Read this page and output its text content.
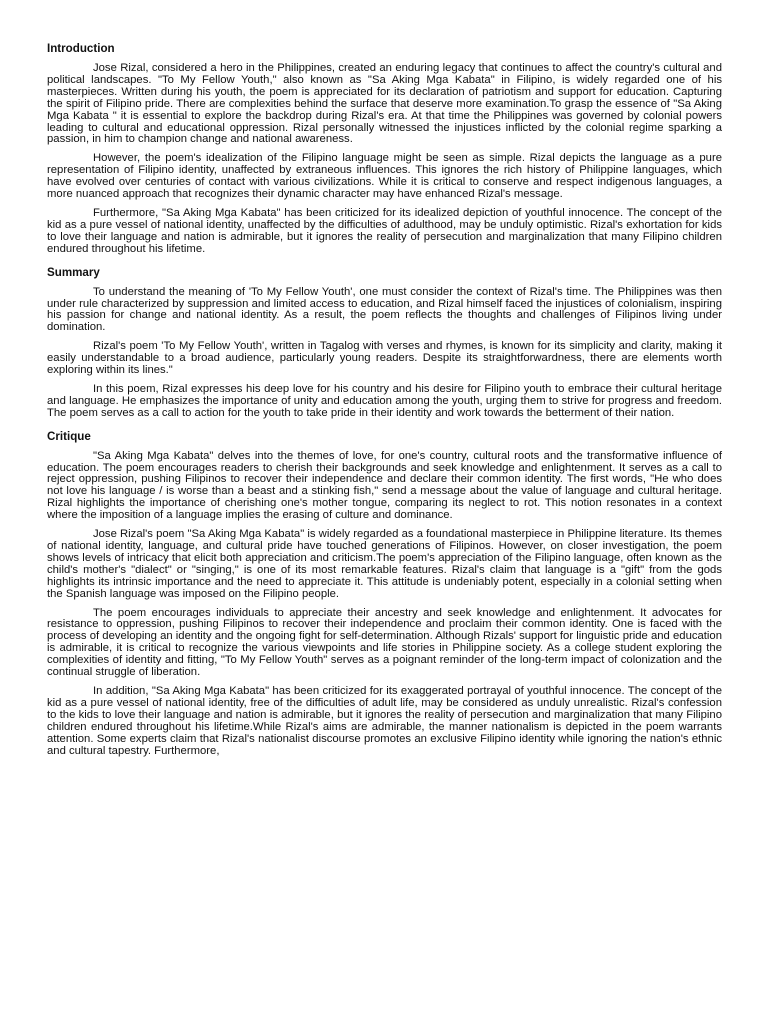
Introduction

Jose Rizal, considered a hero in the Philippines, created an enduring legacy that continues to affect the country's cultural and political landscapes. "To My Fellow Youth," also known as "Sa Aking Mga Kabata" in Filipino, is widely regarded one of his masterpieces. Written during his youth, the poem is appreciated for its declaration of patriotism and support for education. Capturing the spirit of Filipino pride. There are complexities behind the surface that deserve more examination.To grasp the essence of "Sa Aking Mga Kabata " it is essential to explore the backdrop during Rizal's era. At that time the Philippines was governed by colonial powers leading to cultural and educational oppression. Rizal personally witnessed the injustices inflicted by the colonial regime sparking a passion, in him to champion change and national awareness.

However, the poem's idealization of the Filipino language might be seen as simple. Rizal depicts the language as a pure representation of Filipino identity, unaffected by extraneous influences. This ignores the rich history of Philippine languages, which have evolved over centuries of contact with various civilizations. While it is critical to conserve and respect indigenous languages, a more nuanced approach that recognizes their dynamic character may have enhanced Rizal's message.

Furthermore, "Sa Aking Mga Kabata" has been criticized for its idealized depiction of youthful innocence. The concept of the kid as a pure vessel of national identity, unaffected by the difficulties of adulthood, may be unduly optimistic. Rizal's exhortation for kids to love their language and nation is admirable, but it ignores the reality of persecution and marginalization that many Filipino children endured throughout his lifetime.

Summary

To understand the meaning of 'To My Fellow Youth', one must consider the context of Rizal's time. The Philippines was then under rule characterized by suppression and limited access to education, and Rizal himself faced the injustices of colonialism, inspiring his passion for change and national identity. As a result, the poem reflects the thoughts and challenges of Filipinos living under domination.

Rizal's poem 'To My Fellow Youth', written in Tagalog with verses and rhymes, is known for its simplicity and clarity, making it easily understandable to a broad audience, particularly young readers. Despite its straightforwardness, there are elements worth exploring within its lines."

In this poem, Rizal expresses his deep love for his country and his desire for Filipino youth to embrace their cultural heritage and language. He emphasizes the importance of unity and education among the youth, urging them to strive for progress and freedom. The poem serves as a call to action for the youth to take pride in their identity and work towards the betterment of their nation.

Critique

"Sa Aking Mga Kabata" delves into the themes of love, for one's country, cultural roots and the transformative influence of education. The poem encourages readers to cherish their backgrounds and seek knowledge and enlightenment. It serves as a call to reject oppression, pushing Filipinos to recover their independence and declare their common identity. The first words, "He who does not love his language / is worse than a beast and a stinking fish," send a message about the value of language and cultural heritage. Rizal highlights the importance of cherishing one's mother tongue, comparing its neglect to rot. This notion resonates in a context where the imposition of a language implies the erasing of culture and dominance.

Jose Rizal's poem "Sa Aking Mga Kabata" is widely regarded as a foundational masterpiece in Philippine literature. Its themes of national identity, language, and cultural pride have touched generations of Filipinos. However, on closer investigation, the poem shows levels of intricacy that elicit both appreciation and criticism.The poem's appreciation of the Filipino language, often known as the child's mother's "dialect" or "singing," is one of its most remarkable features. Rizal's claim that language is a "gift" from the gods highlights its intrinsic importance and the need to appreciate it. This attitude is undeniably potent, especially in a colonial setting when the Spanish language was imposed on the Filipino people.

The poem encourages individuals to appreciate their ancestry and seek knowledge and enlightenment. It advocates for resistance to oppression, pushing Filipinos to recover their independence and proclaim their common identity. One is faced with the process of developing an identity and the ongoing fight for self-determination. Although Rizals' support for linguistic pride and education is admirable, it is critical to recognize the various viewpoints and life stories in Philippine society. As a college student exploring the complexities of identity and fitting, "To My Fellow Youth" serves as a poignant reminder of the long-term impact of colonization and the continual struggle of liberation.

In addition, "Sa Aking Mga Kabata" has been criticized for its exaggerated portrayal of youthful innocence. The concept of the kid as a pure vessel of national identity, free of the difficulties of adult life, may be considered as unduly unrealistic. Rizal's confession to the kids to love their language and nation is admirable, but it ignores the reality of persecution and marginalization that many Filipino children endured throughout his lifetime.While Rizal's aims are admirable, the manner nationalism is depicted in the poem warrants attention. Some experts claim that Rizal's nationalist discourse promotes an exclusive Filipino identity while ignoring the nation's ethnic and cultural tapestry. Furthermore,
